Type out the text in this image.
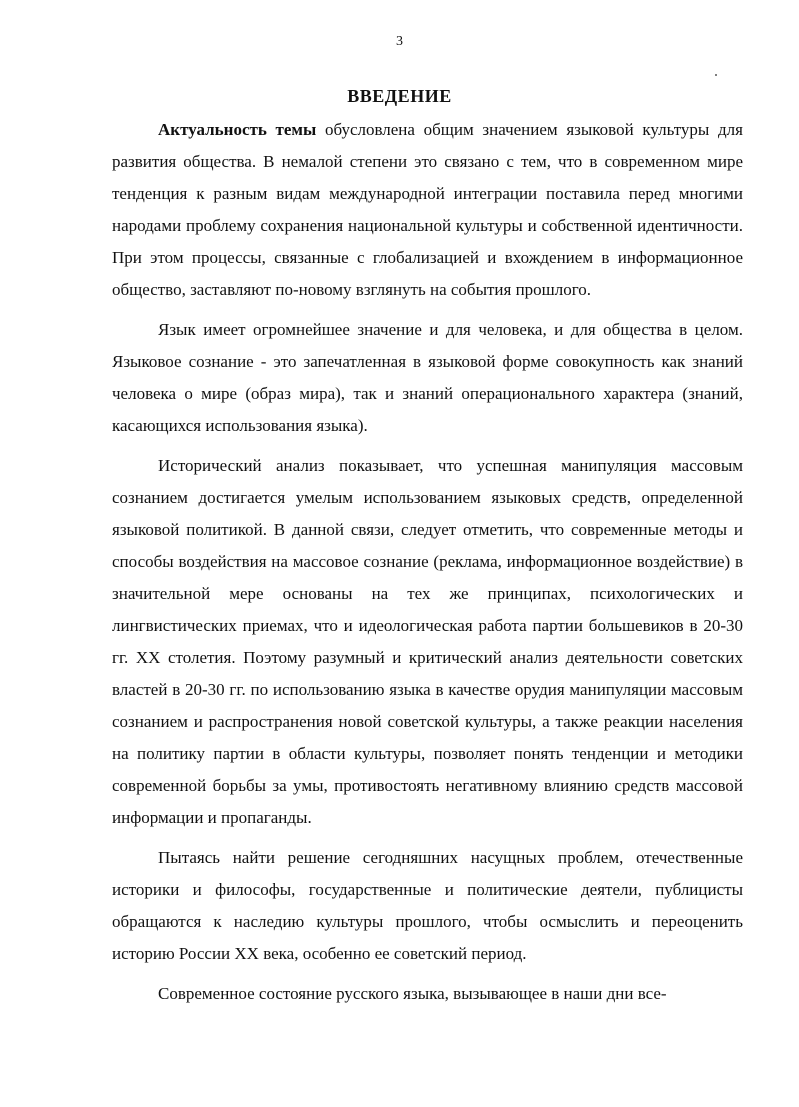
3
ВВЕДЕНИЕ

Актуальность темы обусловлена общим значением языковой культуры для развития общества. В немалой степени это связано с тем, что в современном мире тенденция к разным видам международной интеграции поставила перед многими народами проблему сохранения национальной культуры и собственной идентичности. При этом процессы, связанные с глобализацией и вхождением в информационное общество, заставляют по-новому взглянуть на события прошлого.

Язык имеет огромнейшее значение и для человека, и для общества в целом. Языковое сознание - это запечатленная в языковой форме совокупность как знаний человека о мире (образ мира), так и знаний операционального характера (знаний, касающихся использования языка).

Исторический анализ показывает, что успешная манипуляция массовым сознанием достигается умелым использованием языковых средств, определенной языковой политикой. В данной связи, следует отметить, что современные методы и способы воздействия на массовое сознание (реклама, информационное воздействие) в значительной мере основаны на тех же принципах, психологических и лингвистических приемах, что и идеологическая работа партии большевиков в 20-30 гг. XX столетия. Поэтому разумный и критический анализ деятельности советских властей в 20-30 гг. по использованию языка в качестве орудия манипуляции массовым сознанием и распространения новой советской культуры, а также реакции населения на политику партии в области культуры, позволяет понять тенденции и методики современной борьбы за умы, противостоять негативному влиянию средств массовой информации и пропаганды.

Пытаясь найти решение сегодняшних насущных проблем, отечественные историки и философы, государственные и политические деятели, публицисты обращаются к наследию культуры прошлого, чтобы осмыслить и переоценить историю России XX века, особенно ее советский период.

Современное состояние русского языка, вызывающее в наши дни все-
